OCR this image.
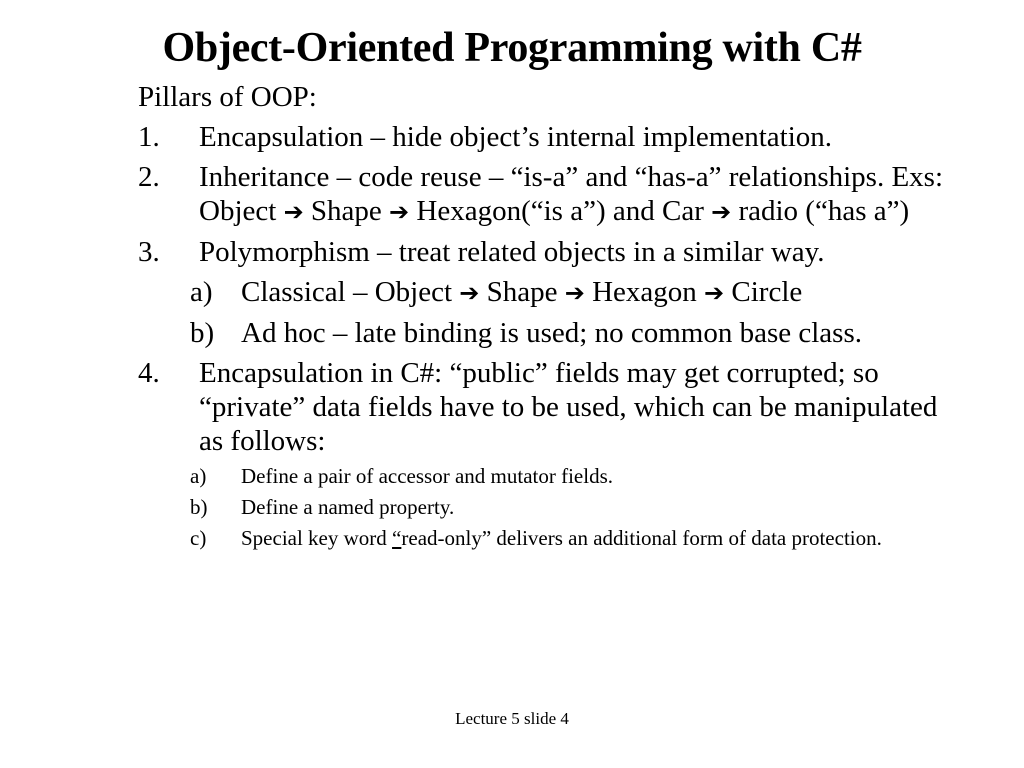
Object-Oriented Programming with C#
Pillars of OOP:
1. Encapsulation – hide object’s internal implementation.
2. Inheritance – code reuse – “is-a” and “has-a” relationships. Exs: Object ➔ Shape ➔ Hexagon(“is a”) and Car ➔ radio (“has a”)
3. Polymorphism – treat related objects in a similar way.
a) Classical – Object ➔ Shape ➔ Hexagon ➔ Circle
b) Ad hoc – late binding is used; no common base class.
4. Encapsulation in C#: “public” fields may get corrupted; so “private” data fields have to be used, which can be manipulated as follows:
a) Define a pair of accessor and mutator fields.
b) Define a named property.
c) Special key word “read-only” delivers an additional form of data protection.
Lecture 5 slide 4
